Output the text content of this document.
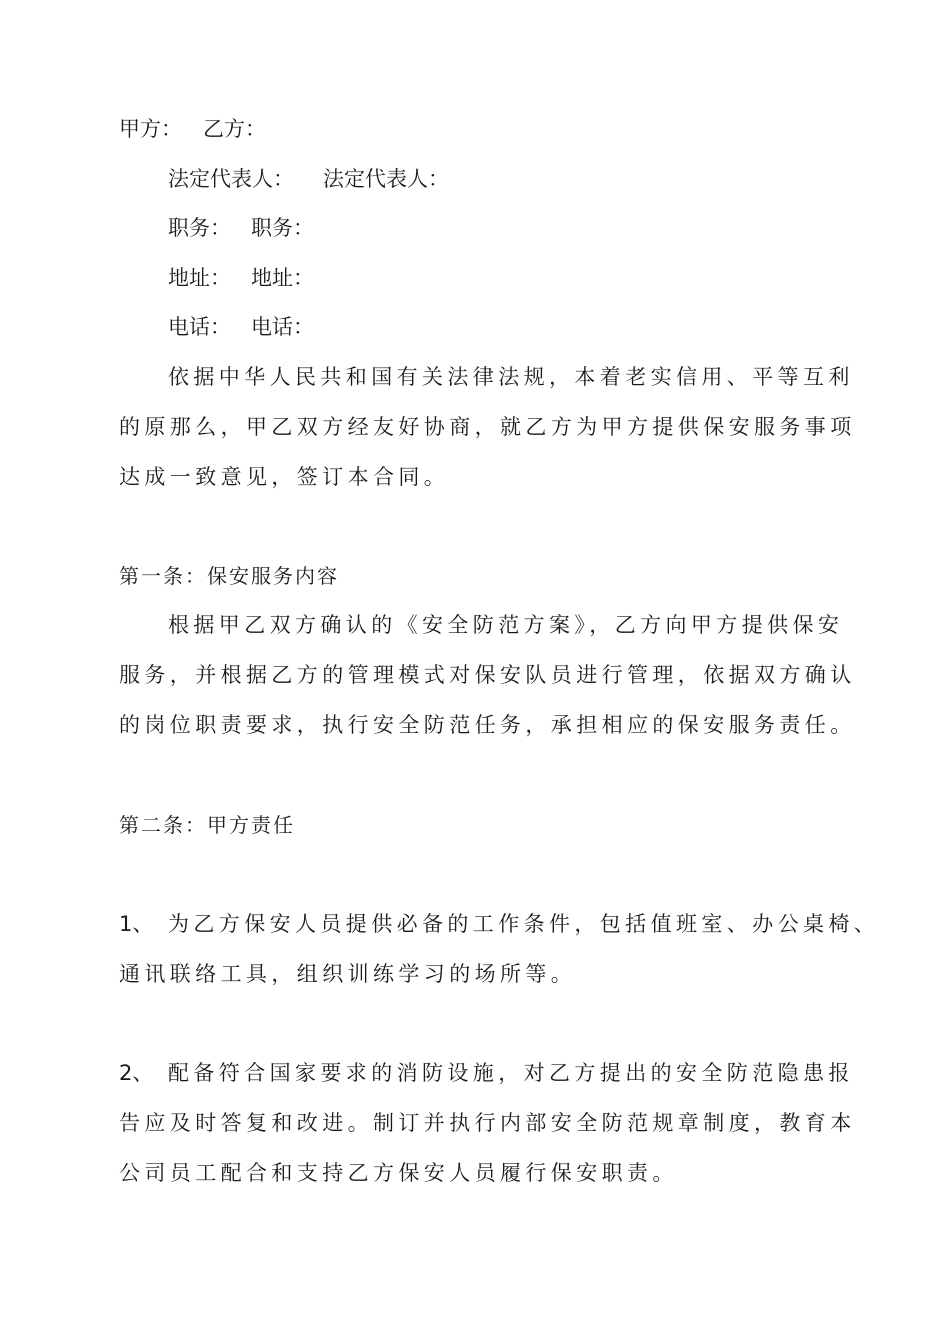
甲方： 乙方：
法定代表人： 法定代表人：
职务： 职务：
地址： 地址：
电话： 电话：
依据中华人民共和国有关法律法规，本着老实信用、平等互利
的原那么，甲乙双方经友好协商，就乙方为甲方提供保安服务事项
达成一致意见，签订本合同。
第一条：保安服务内容
根据甲乙双方确认的《安全防范方案》，乙方向甲方提供保安
服务，并根据乙方的管理模式对保安队员进行管理，依据双方确认
的岗位职责要求，执行安全防范任务，承担相应的保安服务责任。
第二条：甲方责任
1、 为乙方保安人员提供必备的工作条件，包括值班室、办公桌椅、
通讯联络工具，组织训练学习的场所等。
2、 配备符合国家要求的消防设施，对乙方提出的安全防范隐患报
告应及时答复和改进。制订并执行内部安全防范规章制度，教育本
公司员工配合和支持乙方保安人员履行保安职责。
